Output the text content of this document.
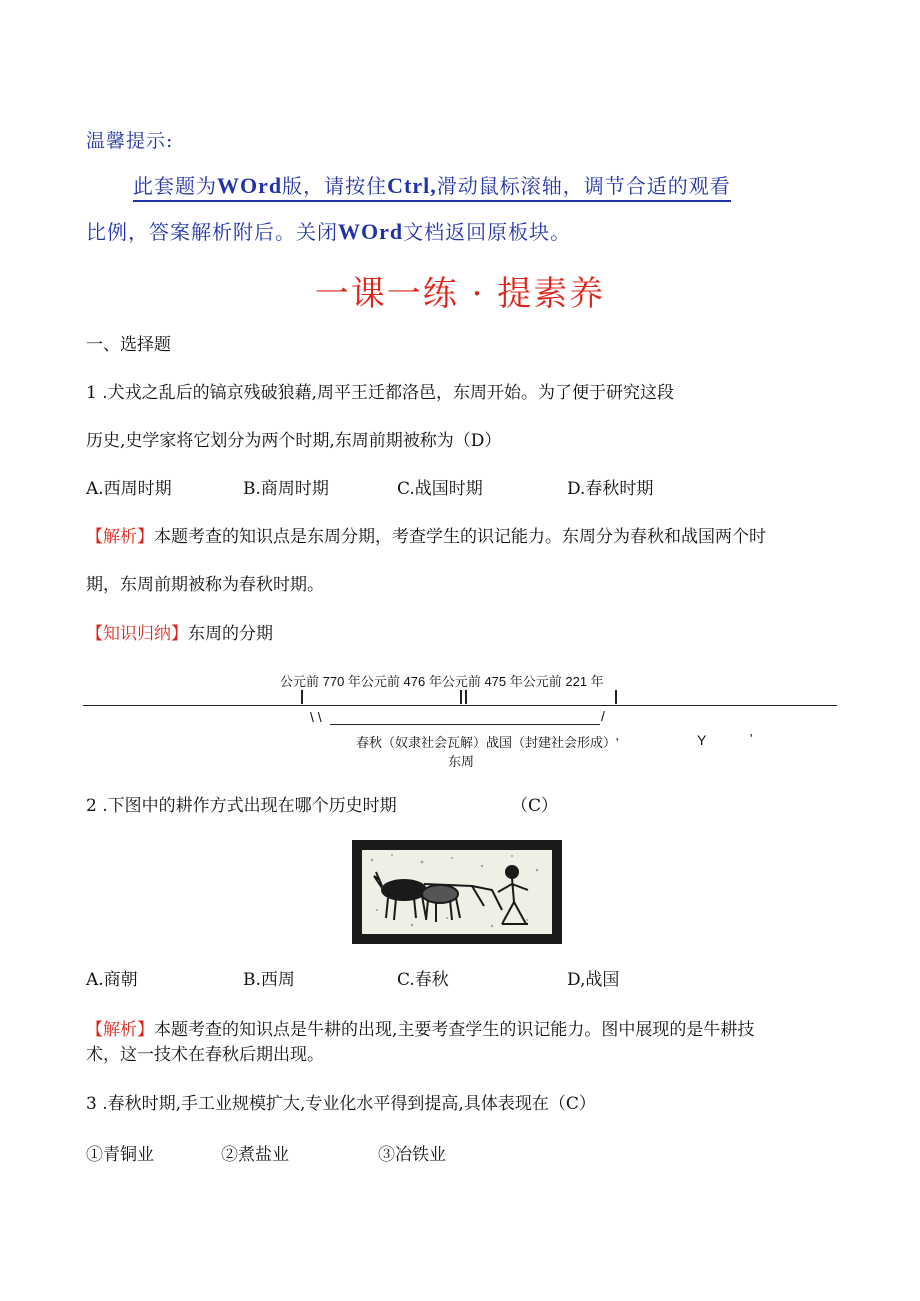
温馨提示:
此套题为WOrd版，请按住Ctrl,滑动鼠标滚轴，调节合适的观看
比例，答案解析附后。关闭WOrd文档返回原板块。
一课一练 · 提素养
一、选择题
1 .犬戎之乱后的镐京残破狼藉,周平王迁都洛邑，东周开始。为了便于研究这段
历史,史学家将它划分为两个时期,东周前期被称为（D）
A.西周时期	B.商周时期	C.战国时期	D.春秋时期
【解析】本题考查的知识点是东周分期，考查学生的识记能力。东周分为春秋和战国两个时
期，东周前期被称为春秋时期。
【知识归纳】东周的分期
公元前 770 年公元前 476 年公元前 475 年公元前 221 年
\ \	/
春秋（奴隶社会瓦解）战国（封建社会形成）'	Y	'
东周
2 .下图中的耕作方式出现在哪个历史时期	（C）
A.商朝	B.西周	C.春秋	D,战国
【解析】本题考查的知识点是牛耕的出现,主要考查学生的识记能力。图中展现的是牛耕技
术，这一技术在春秋后期出现。
3 .春秋时期,手工业规模扩大,专业化水平得到提高,具体表现在（C）
①青铜业	②煮盐业	③冶铁业
